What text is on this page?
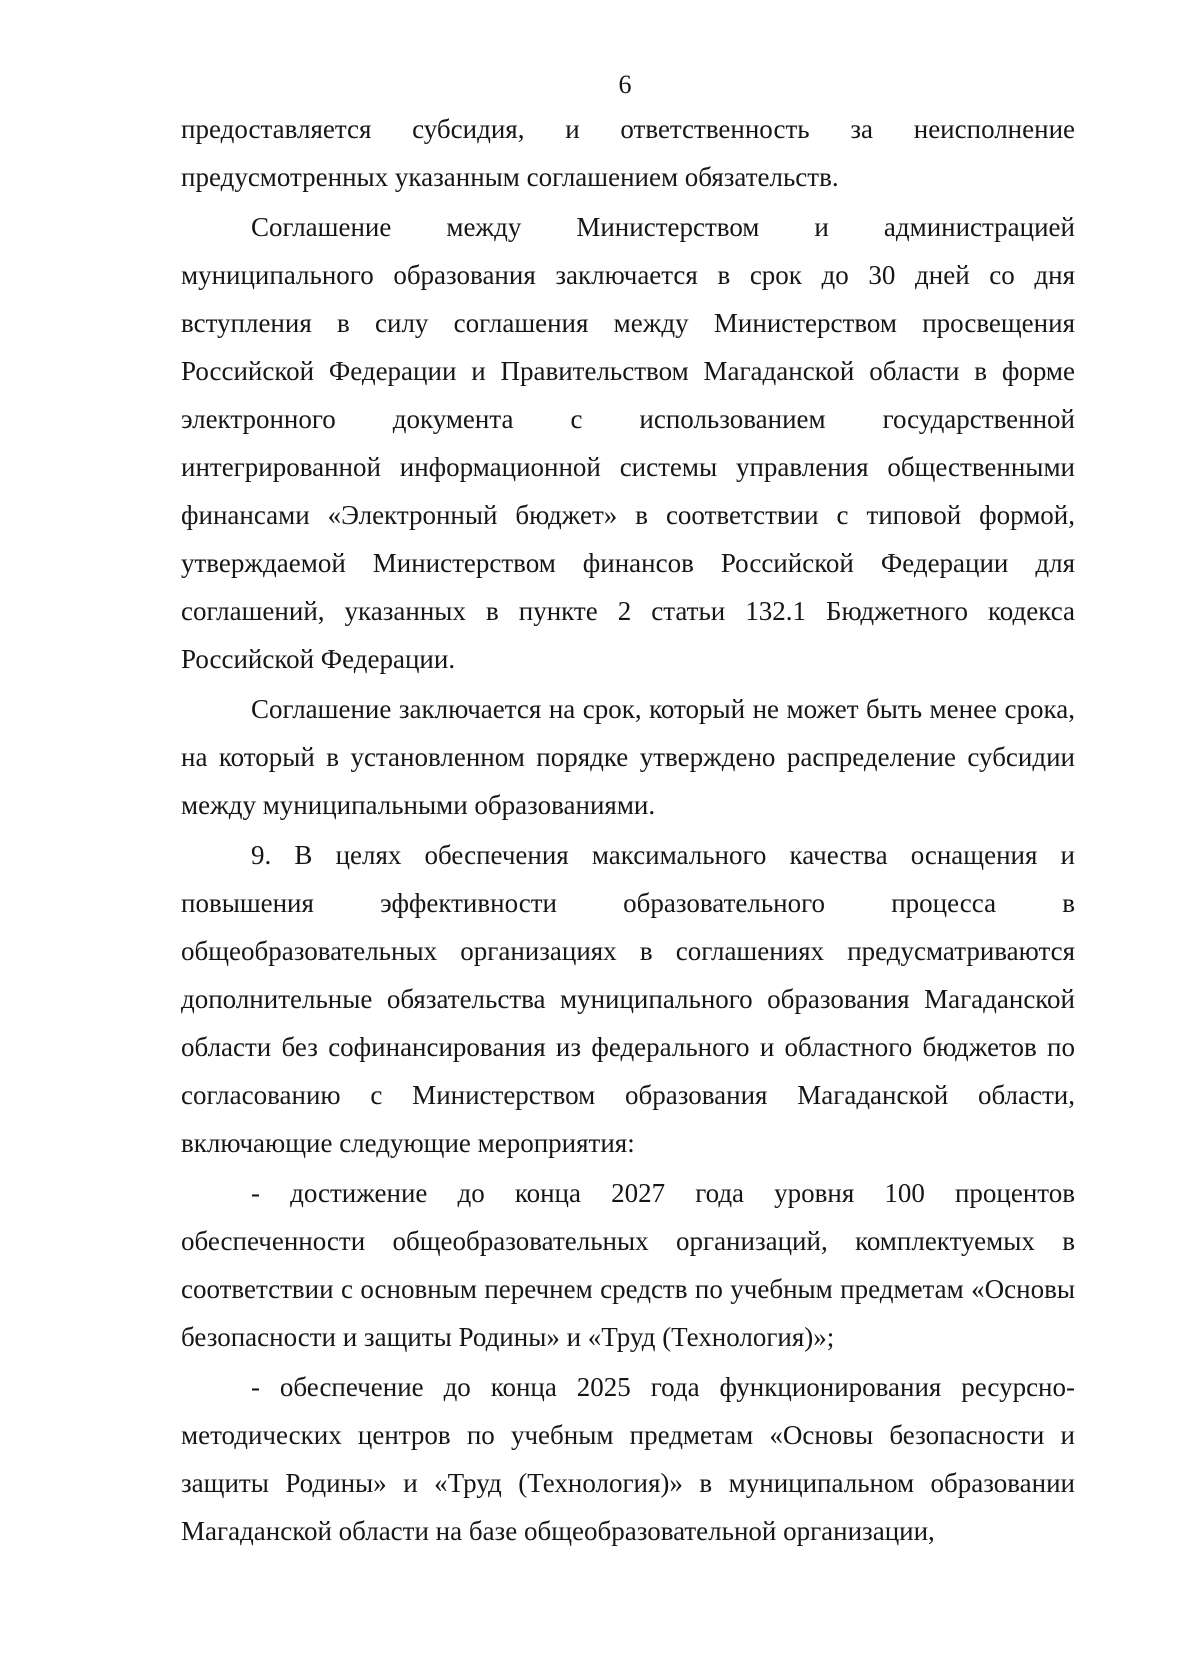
6

предоставляется субсидия, и ответственность за неисполнение предусмотренных указанным соглашением обязательств.

Соглашение между Министерством и администрацией муниципального образования заключается в срок до 30 дней со дня вступления в силу соглашения между Министерством просвещения Российской Федерации и Правительством Магаданской области в форме электронного документа с использованием государственной интегрированной информационной системы управления общественными финансами «Электронный бюджет» в соответствии с типовой формой, утверждаемой Министерством финансов Российской Федерации для соглашений, указанных в пункте 2 статьи 132.1 Бюджетного кодекса Российской Федерации.

Соглашение заключается на срок, который не может быть менее срока, на который в установленном порядке утверждено распределение субсидии между муниципальными образованиями.

9. В целях обеспечения максимального качества оснащения и повышения эффективности образовательного процесса в общеобразовательных организациях в соглашениях предусматриваются дополнительные обязательства муниципального образования Магаданской области без софинансирования из федерального и областного бюджетов по согласованию с Министерством образования Магаданской области, включающие следующие мероприятия:

- достижение до конца 2027 года уровня 100 процентов обеспеченности общеобразовательных организаций, комплектуемых в соответствии с основным перечнем средств по учебным предметам «Основы безопасности и защиты Родины» и «Труд (Технология)»;

- обеспечение до конца 2025 года функционирования ресурсно-методических центров по учебным предметам «Основы безопасности и защиты Родины» и «Труд (Технология)» в муниципальном образовании Магаданской области на базе общеобразовательной организации,
